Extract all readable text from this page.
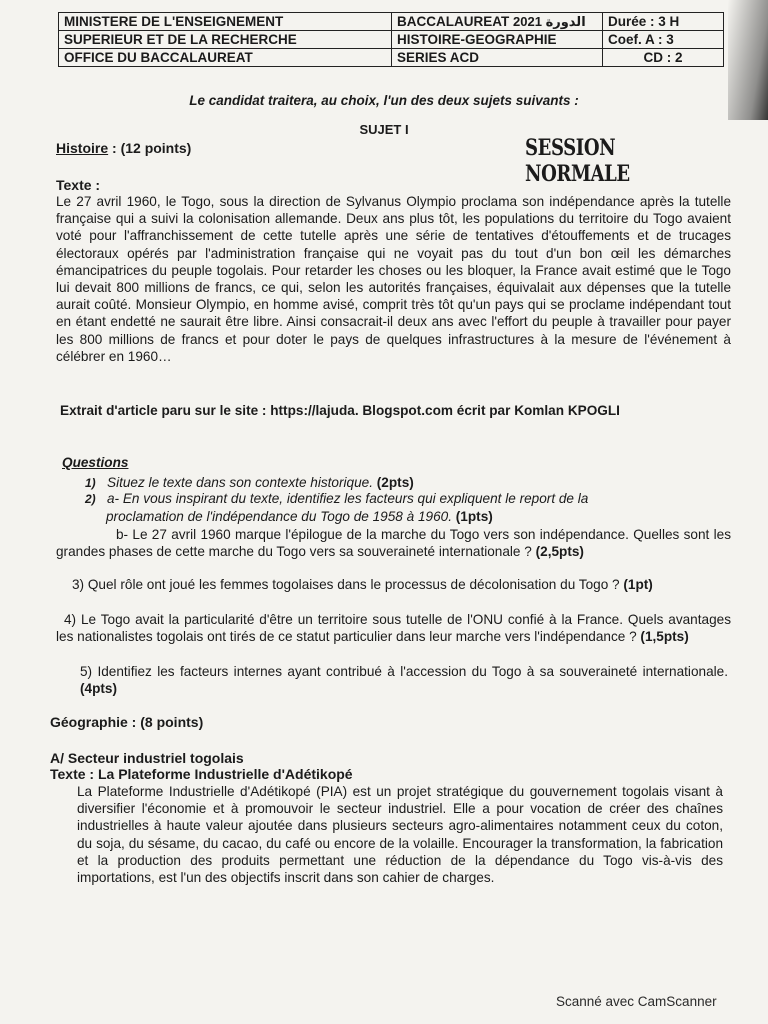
MINISTERE DE L'ENSEIGNEMENT	BACCALAUREAT 2021 الدورة	Durée : 3 H
SUPERIEUR ET DE LA RECHERCHE	HISTOIRE-GEOGRAPHIE	Coef. A : 3
OFFICE DU BACCALAUREAT	SERIES ACD	CD : 2
Le candidat traitera, au choix, l'un des deux sujets suivants :
SUJET I
Histoire : (12 points)	SESSION NORMALE
Texte :
Le 27 avril 1960, le Togo, sous la direction de Sylvanus Olympio proclama son indépendance après la tutelle française qui a suivi la colonisation allemande. Deux ans plus tôt, les populations du territoire du Togo avaient voté pour l'affranchissement de cette tutelle après une série de tentatives d'étouffements et de trucages électoraux opérés par l'administration française qui ne voyait pas du tout d'un bon œil les démarches émancipatrices du peuple togolais. Pour retarder les choses ou les bloquer, la France avait estimé que le Togo lui devait 800 millions de francs, ce qui, selon les autorités françaises, équivalait aux dépenses que la tutelle aurait coûté. Monsieur Olympio, en homme avisé, comprit très tôt qu'un pays qui se proclame indépendant tout en étant endetté ne saurait être libre. Ainsi consacrait-il deux ans avec l'effort du peuple à travailler pour payer les 800 millions de francs et pour doter le pays de quelques infrastructures à la mesure de l'événement à célébrer en 1960…
Extrait d'article paru sur le site : https://lajuda. Blogspot.com écrit par Komlan KPOGLI
Questions
1) Situez le texte dans son contexte historique. (2pts)
2) a- En vous inspirant du texte, identifiez les facteurs qui expliquent le report de la
proclamation de l'indépendance du Togo de 1958 à 1960. (1pts)
b- Le 27 avril 1960 marque l'épilogue de la marche du Togo vers son indépendance. Quelles sont les grandes phases de cette marche du Togo vers sa souveraineté internationale ? (2,5pts)
3) Quel rôle ont joué les femmes togolaises dans le processus de décolonisation du Togo ? (1pt)
4) Le Togo avait la particularité d'être un territoire sous tutelle de l'ONU confié à la France. Quels avantages les nationalistes togolais ont tirés de ce statut particulier dans leur marche vers l'indépendance ? (1,5pts)
5) Identifiez les facteurs internes ayant contribué à l'accession du Togo à sa souveraineté internationale. (4pts)
Géographie : (8 points)
A/ Secteur industriel togolais
Texte : La Plateforme Industrielle d'Adétikopé
La Plateforme Industrielle d'Adétikopé (PIA) est un projet stratégique du gouvernement togolais visant à diversifier l'économie et à promouvoir le secteur industriel. Elle a pour vocation de créer des chaînes industrielles à haute valeur ajoutée dans plusieurs secteurs agro-alimentaires notamment ceux du coton, du soja, du sésame, du cacao, du café ou encore de la volaille. Encourager la transformation, la fabrication et la production des produits permettant une réduction de la dépendance du Togo vis-à-vis des importations, est l'un des objectifs inscrit dans son cahier de charges.
Scanné avec CamScanner
